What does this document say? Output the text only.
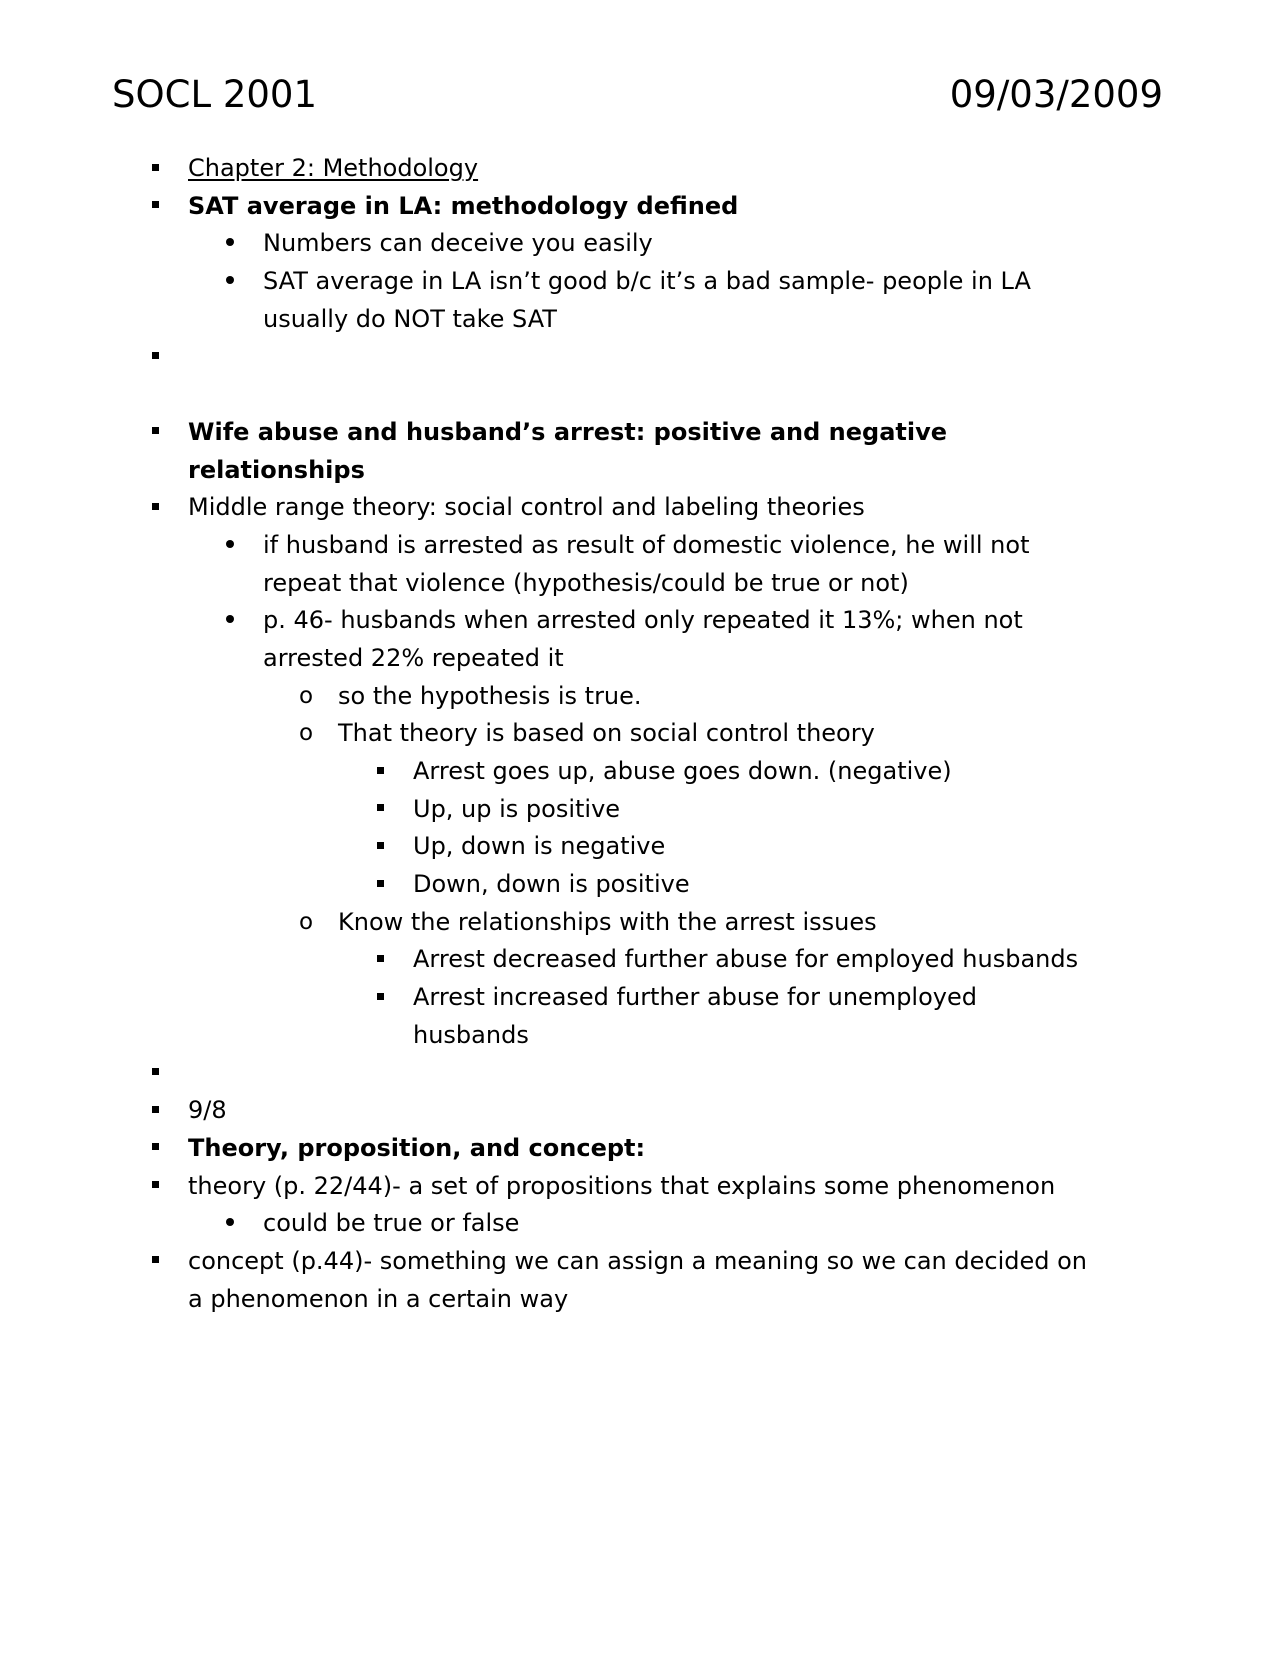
SOCL 2001	09/03/2009
Chapter 2: Methodology
SAT average in LA: methodology defined
Numbers can deceive you easily
SAT average in LA isn’t good b/c it’s a bad sample- people in LA
usually do NOT take SAT
Wife abuse and husband’s arrest: positive and negative
relationships
Middle range theory: social control and labeling theories
if husband is arrested as result of domestic violence, he will not
repeat that violence (hypothesis/could be true or not)
p. 46- husbands when arrested only repeated it 13%; when not
arrested 22% repeated it
o so the hypothesis is true.
o That theory is based on social control theory
Arrest goes up, abuse goes down. (negative)
Up, up is positive
Up, down is negative
Down, down is positive
o Know the relationships with the arrest issues
Arrest decreased further abuse for employed husbands
Arrest increased further abuse for unemployed
husbands
9/8
Theory, proposition, and concept:
theory (p. 22/44)- a set of propositions that explains some phenomenon
could be true or false
concept (p.44)- something we can assign a meaning so we can decided on
a phenomenon in a certain way
